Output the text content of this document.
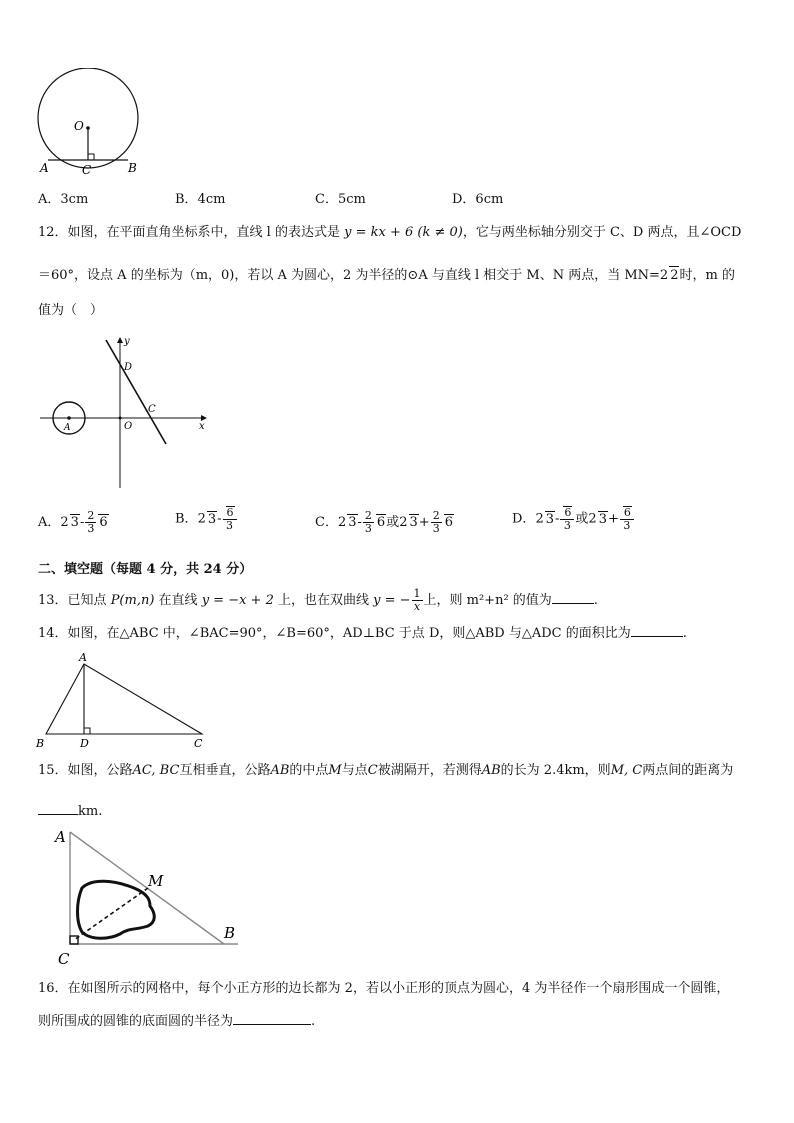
O
A	B
C
A．3cm	B．4cm	C．5cm	D．6cm
12．如图，在平面直角坐标系中，直线 l 的表达式是 y = kx + 6 (k ≠ 0)，它与两坐标轴分别交于 C、D 两点，且∠OCD
＝60°，设点 A 的坐标为（m，0)，若以 A 为圆心，2 为半径的⊙A 与直线 l 相交于 M、N 两点，当 MN=2 2时，m 的
值为（　）
y
D
C
O	x
A
A．2 $3- \frac{2}{3} 6$	B．2 $3- \frac{6}{3}$	C．2 $3- \frac{2}{3} 6$或2 $3+ \frac{2}{3} 6$	D．2 $3- \frac{6}{3}$ 或2 $3+ \frac{6}{3}$
二、填空题（每题 4 分，共 24 分）
13．已知点 P(m,n) 在直线 y = −x + 2 上，也在双曲线 y = − $\frac{1}{x}$ 上，则 m²+n² 的值为	.
14．如图，在△ABC 中，∠BAC=90°，∠B=60°，AD⊥BC 于点 D，则△ABD 与△ADC 的面积比为	.
A
B	D	C
15．如图，公路AC, BC互相垂直，公路AB的中点M与点C被湖隔开，若测得AB的长为 2.4km，则M, C两点间的距离为
km.
A
M
C
B
16．在如图所示的网格中，每个小正方形的边长都为 2，若以小正形的顶点为圆心，4 为半径作一个扇形围成一个圆锥，
则所围成的圆锥的底面圆的半径为	.
